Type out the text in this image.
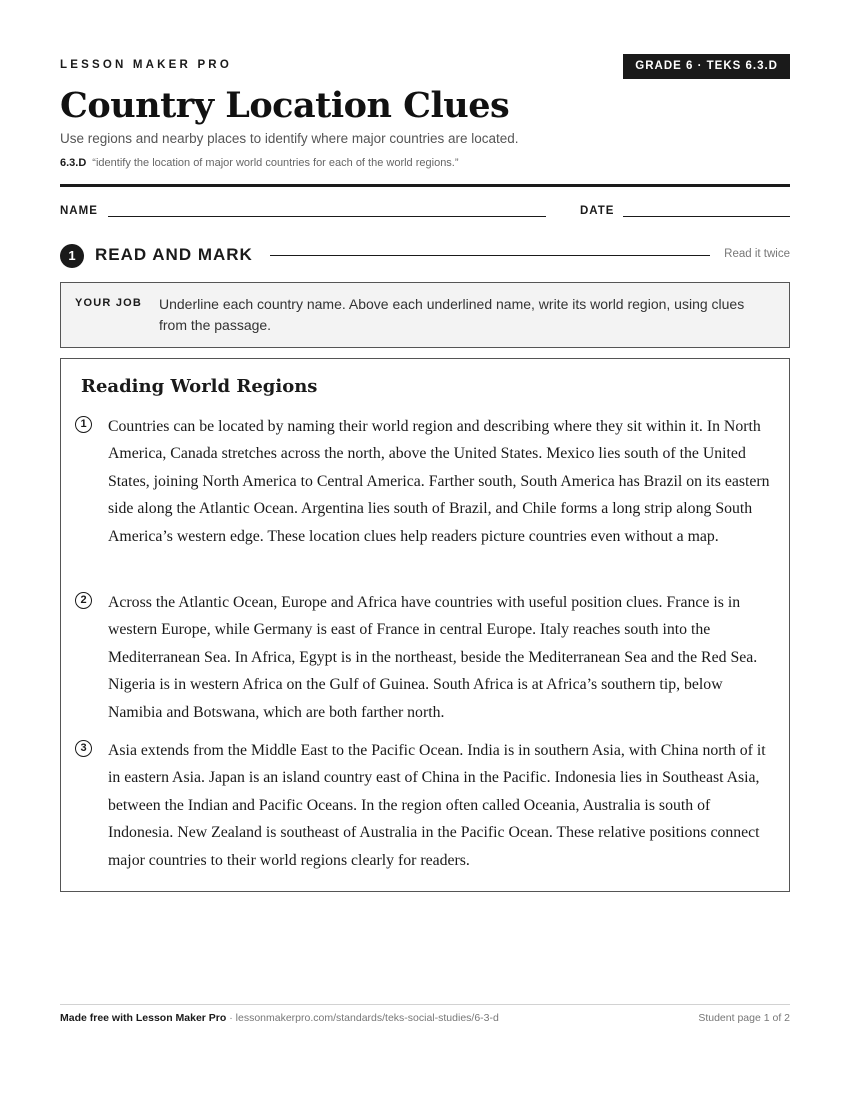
LESSON MAKER PRO	GRADE 6 · TEKS 6.3.D
Country Location Clues
Use regions and nearby places to identify where major countries are located.
6.3.D “identify the location of major world countries for each of the world regions.”
NAME	DATE
1	READ AND MARK	Read it twice
YOUR JOB Underline each country name. Above each underlined name, write its world region, using clues from the passage.
Reading World Regions
1	Countries can be located by naming their world region and describing where they sit within it. In North America, Canada stretches across the north, above the United States. Mexico lies south of the United States, joining North America to Central America. Farther south, South America has Brazil on its eastern side along the Atlantic Ocean. Argentina lies south of Brazil, and Chile forms a long strip along South America’s western edge. These location clues help readers picture countries even without a map.

2	Across the Atlantic Ocean, Europe and Africa have countries with useful position clues. France is in western Europe, while Germany is east of France in central Europe. Italy reaches south into the Mediterranean Sea. In Africa, Egypt is in the northeast, beside the Mediterranean Sea and the Red Sea. Nigeria is in western Africa on the Gulf of Guinea. South Africa is at Africa’s southern tip, below Namibia and Botswana, which are both farther north.

3	Asia extends from the Middle East to the Pacific Ocean. India is in southern Asia, with China north of it in eastern Asia. Japan is an island country east of China in the Pacific. Indonesia lies in Southeast Asia, between the Indian and Pacific Oceans. In the region often called Oceania, Australia is south of Indonesia. New Zealand is southeast of Australia in the Pacific Ocean. These relative positions connect major countries to their world regions clearly for readers.

Made free with Lesson Maker Pro · lessonmakerpro.com/standards/teks-social-studies/6-3-d	Student page 1 of 2
